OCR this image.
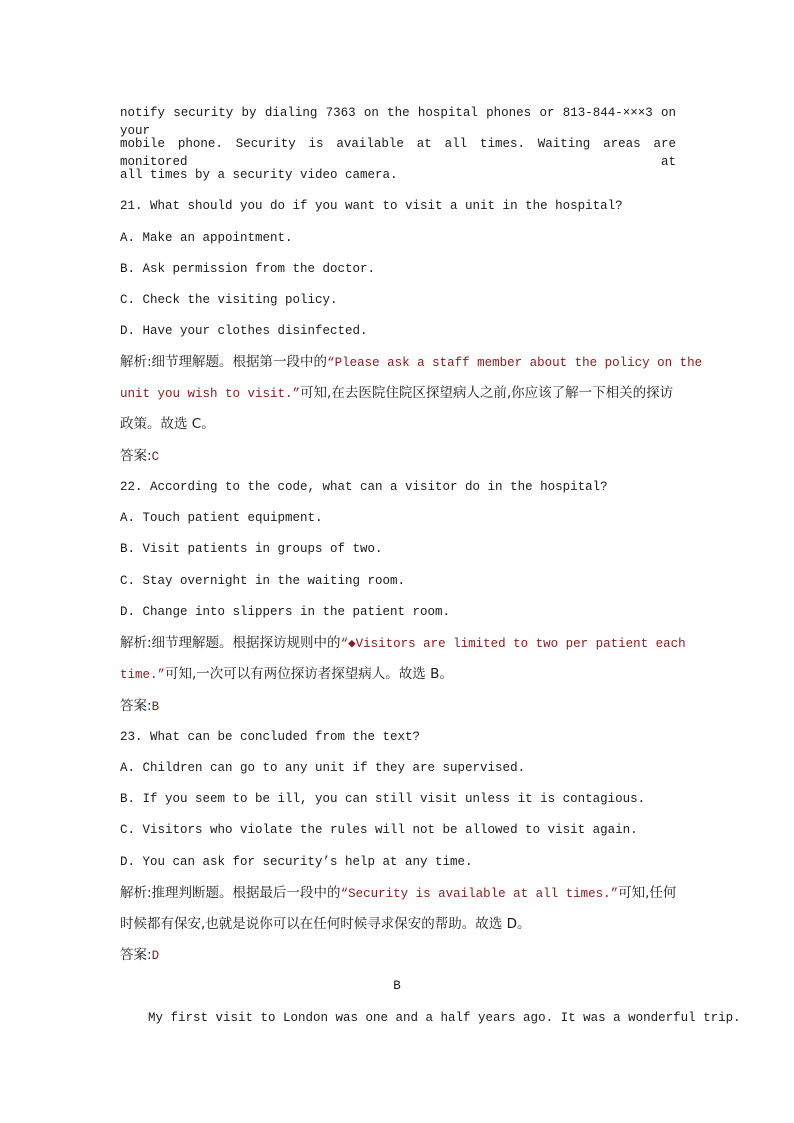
notify security by dialing 7363 on the hospital phones or 813-844-×××3 on your
mobile phone. Security is available at all times. Waiting areas are monitored at
all times by a security video camera.
21. What should you do if you want to visit a unit in the hospital?
A. Make an appointment.
B. Ask permission from the doctor.
C. Check the visiting policy.
D. Have your clothes disinfected.
解析:细节理解题。根据第一段中的“Please ask a staff member about the policy on the
unit you wish to visit.”可知,在去医院住院区探望病人之前,你应该了解一下相关的探访
政策。故选 C。
答案:C
22. According to the code, what can a visitor do in the hospital?
A. Touch patient equipment.
B. Visit patients in groups of two.
C. Stay overnight in the waiting room.
D. Change into slippers in the patient room.
解析:细节理解题。根据探访规则中的“◆Visitors are limited to two per patient each
time.”可知,一次可以有两位探访者探望病人。故选 B。
答案:B
23. What can be concluded from the text?
A. Children can go to any unit if they are supervised.
B. If you seem to be ill, you can still visit unless it is contagious.
C. Visitors who violate the rules will not be allowed to visit again.
D. You can ask for security’s help at any time.
解析:推理判断题。根据最后一段中的“Security is available at all times.”可知,任何
时候都有保安,也就是说你可以在任何时候寻求保安的帮助。故选 D。
答案:D
B
My first visit to London was one and a half years ago. It was a wonderful trip.
